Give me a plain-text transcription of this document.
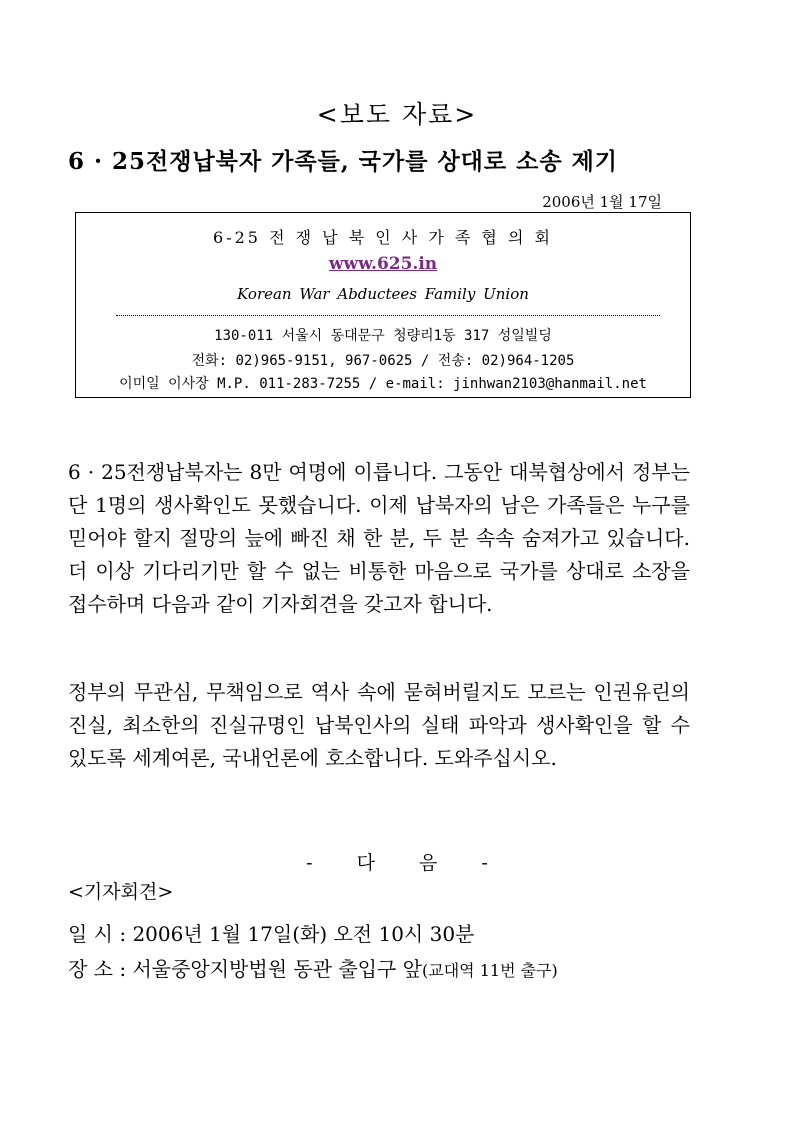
<보도 자료>
6 · 25전쟁납북자 가족들, 국가를 상대로 소송 제기
2006년 1월 17일
6-25 전 쟁 납 북 인 사 가 족 협 의 회
www.625.in
Korean War Abductees Family Union
130-011 서울시 동대문구 청량리1동 317 성일빌딩
전화: 02)965-9151, 967-0625 / 전송: 02)964-1205
이미일 이사장 M.P. 011-283-7255 / e-mail: jinhwan2103@hanmail.net

6 · 25전쟁납북자는 8만 여명에 이릅니다. 그동안 대북협상에서 정부는 단 1명의 생사확인도 못했습니다. 이제 납북자의 남은 가족들은 누구를 믿어야 할지 절망의 늪에 빠진 채 한 분, 두 분 속속 숨져가고 있습니다. 더 이상 기다리기만 할 수 없는 비통한 마음으로 국가를 상대로 소장을 접수하며 다음과 같이 기자회견을 갖고자 합니다.

정부의 무관심, 무책임으로 역사 속에 묻혀버릴지도 모르는 인권유린의 진실, 최소한의 진실규명인 납북인사의 실태 파악과 생사확인을 할 수 있도록 세계여론, 국내언론에 호소합니다. 도와주십시오.

- 다 음 -
<기자회견>
일 시 : 2006년 1월 17일(화) 오전 10시 30분
장 소 : 서울중앙지방법원 동관 출입구 앞(교대역 11번 출구)
